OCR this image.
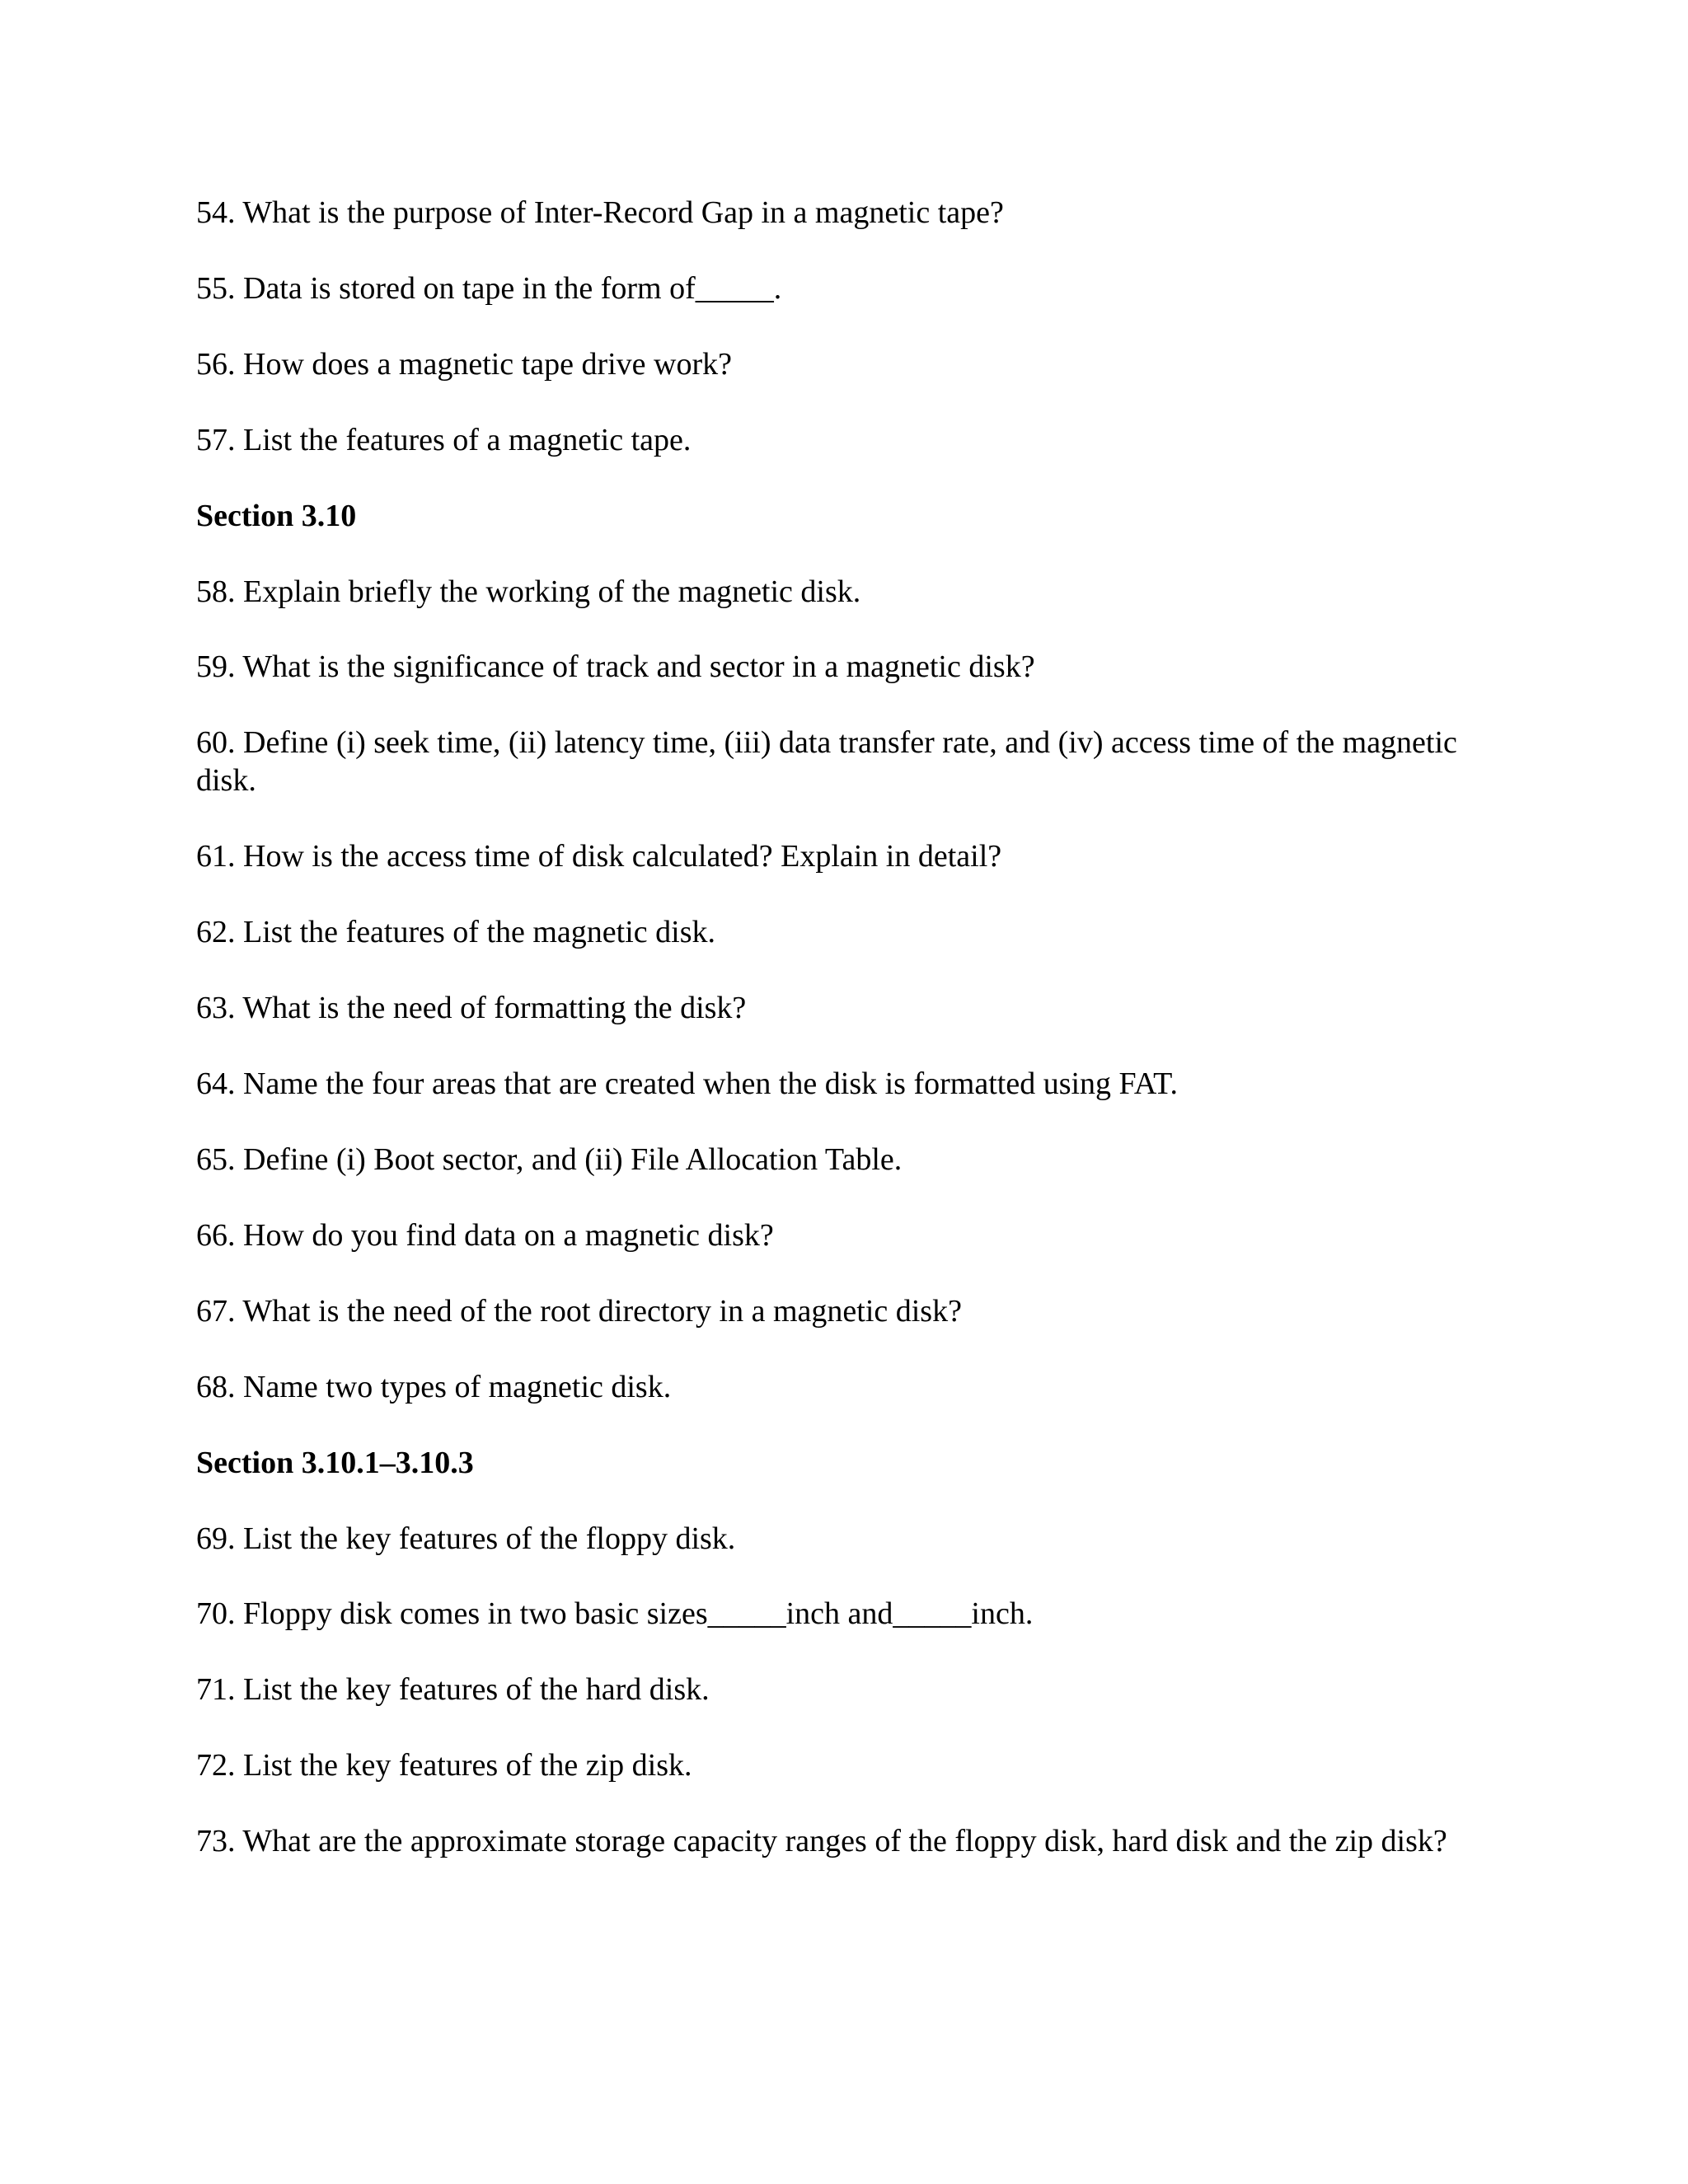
54. What is the purpose of Inter-Record Gap in a magnetic tape?
55. Data is stored on tape in the form of_____.
56. How does a magnetic tape drive work?
57. List the features of a magnetic tape.
Section 3.10
58. Explain briefly the working of the magnetic disk.
59. What is the significance of track and sector in a magnetic disk?
60. Define (i) seek time, (ii) latency time, (iii) data transfer rate, and (iv) access time of the magnetic disk.
61. How is the access time of disk calculated? Explain in detail?
62. List the features of the magnetic disk.
63. What is the need of formatting the disk?
64. Name the four areas that are created when the disk is formatted using FAT.
65. Define (i) Boot sector, and (ii) File Allocation Table.
66. How do you find data on a magnetic disk?
67. What is the need of the root directory in a magnetic disk?
68. Name two types of magnetic disk.
Section 3.10.1–3.10.3
69. List the key features of the floppy disk.
70. Floppy disk comes in two basic sizes_____inch and_____inch.
71. List the key features of the hard disk.
72. List the key features of the zip disk.
73. What are the approximate storage capacity ranges of the floppy disk, hard disk and the zip disk?
